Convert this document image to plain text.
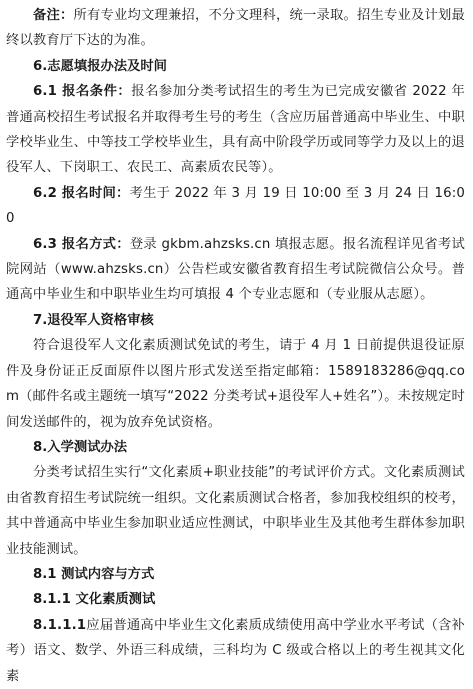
备注：所有专业均文理兼招，不分文理科，统一录取。招生专业及计划最终以教育厅下达的为准。

6.志愿填报办法及时间

6.1 报名条件：报名参加分类考试招生的考生为已完成安徽省 2022 年普通高校招生考试报名并取得考生号的考生（含应历届普通高中毕业生、中职学校毕业生、中等技工学校毕业生，具有高中阶段学历或同等学力及以上的退役军人、下岗职工、农民工、高素质农民等）。

6.2 报名时间：考生于 2022 年 3 月 19 日 10:00 至 3 月 24 日 16:00

6.3 报名方式：登录 gkbm.ahzsks.cn 填报志愿。报名流程详见省考试院网站（www.ahzsks.cn）公告栏或安徽省教育招生考试院微信公众号。普通高中毕业生和中职毕业生均可填报 4 个专业志愿和（专业服从志愿）。

7.退役军人资格审核

符合退役军人文化素质测试免试的考生，请于 4 月 1 日前提供退役证原件及身份证正反面原件以图片形式发送至指定邮箱：1589183286@qq.com（邮件名或主题统一填写“2022 分类考试+退役军人+姓名”）。未按规定时间发送邮件的，视为放弃免试资格。

8.入学测试办法

分类考试招生实行“文化素质+职业技能”的考试评价方式。文化素质测试由省教育招生考试院统一组织。文化素质测试合格者，参加我校组织的校考，其中普通高中毕业生参加职业适应性测试，中职毕业生及其他考生群体参加职业技能测试。

8.1 测试内容与方式

8.1.1 文化素质测试

8.1.1.1应届普通高中毕业生文化素质成绩使用高中学业水平考试（含补考）语文、数学、外语三科成绩，三科均为 C 级或合格以上的考生视其文化素
